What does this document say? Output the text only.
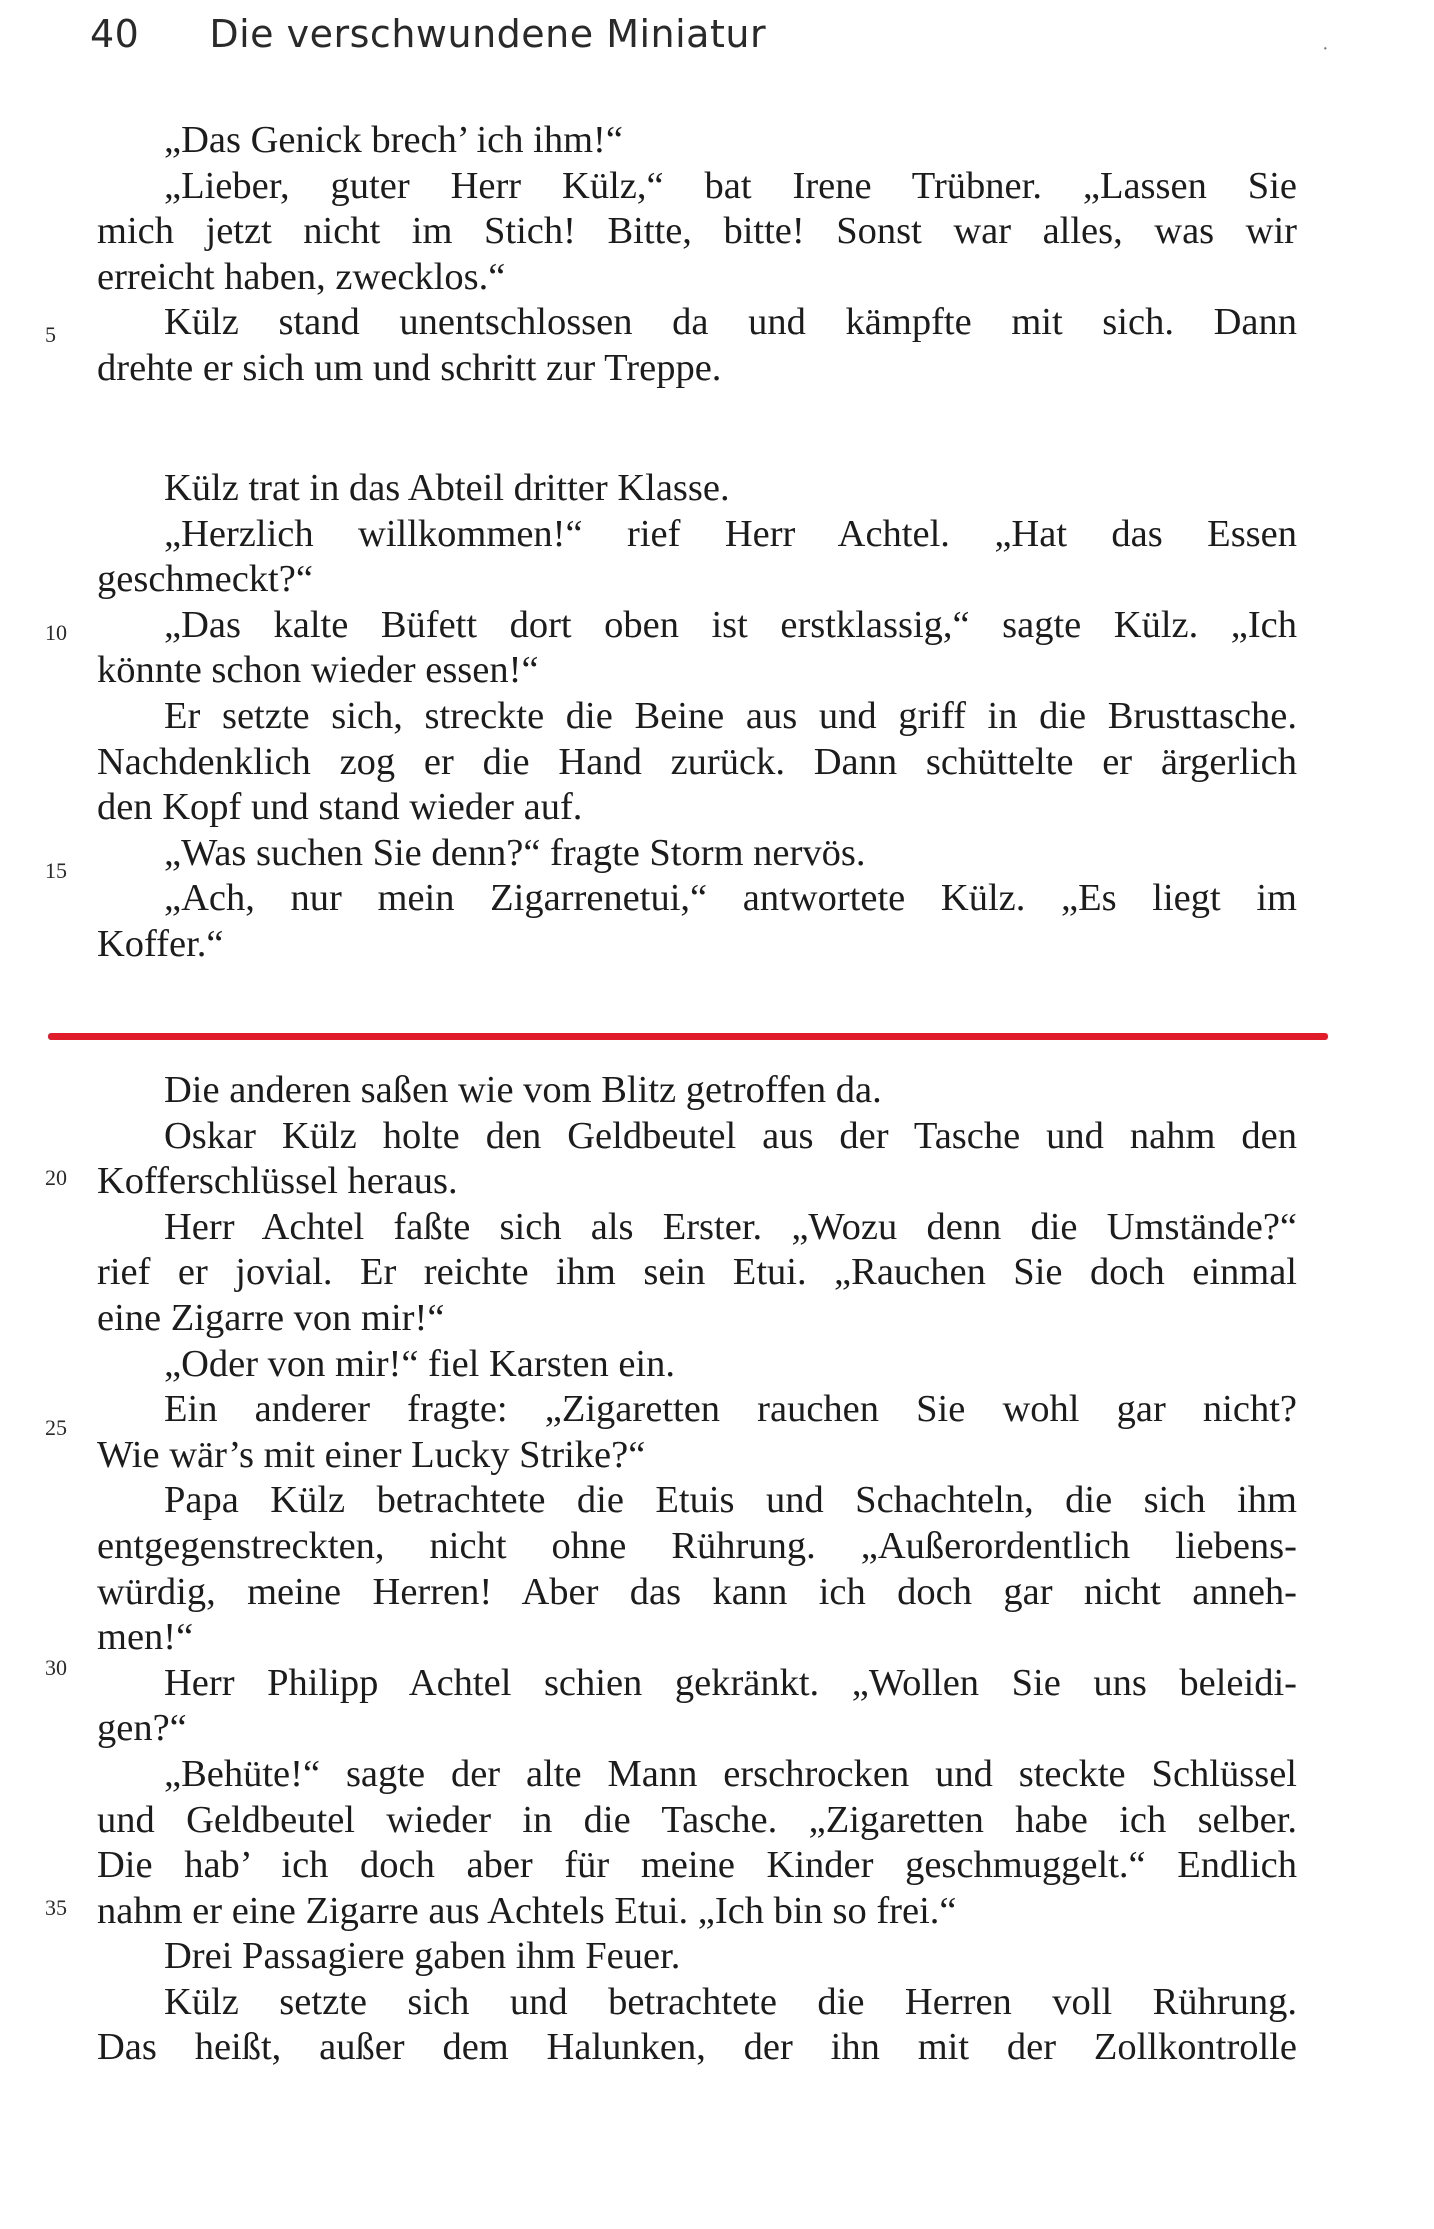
40 Die verschwundene Miniatur	·
„Das Genick brech’ ich ihm!“
„Lieber, guter Herr Külz,“ bat Irene Trübner. „Lassen Sie
mich jetzt nicht im Stich! Bitte, bitte! Sonst war alles, was wir
erreicht haben, zwecklos.“
Külz stand unentschlossen da und kämpfte mit sich. Dann
drehte er sich um und schritt zur Treppe.
Külz trat in das Abteil dritter Klasse.
„Herzlich willkommen!“ rief Herr Achtel. „Hat das Essen
geschmeckt?“
„Das kalte Büfett dort oben ist erstklassig,“ sagte Külz. „Ich
könnte schon wieder essen!“
Er setzte sich, streckte die Beine aus und griff in die Brusttasche.
Nachdenklich zog er die Hand zurück. Dann schüttelte er ärgerlich
den Kopf und stand wieder auf.
„Was suchen Sie denn?“ fragte Storm nervös.
„Ach, nur mein Zigarrenetui,“ antwortete Külz. „Es liegt im
Koffer.“
Die anderen saßen wie vom Blitz getroffen da.
Oskar Külz holte den Geldbeutel aus der Tasche und nahm den
Kofferschlüssel heraus.
Herr Achtel faßte sich als Erster. „Wozu denn die Umstände?“
rief er jovial. Er reichte ihm sein Etui. „Rauchen Sie doch einmal
eine Zigarre von mir!“
„Oder von mir!“ fiel Karsten ein.
Ein anderer fragte: „Zigaretten rauchen Sie wohl gar nicht?
Wie wär’s mit einer Lucky Strike?“
Papa Külz betrachtete die Etuis und Schachteln, die sich ihm
entgegenstreckten, nicht ohne Rührung. „Außerordentlich liebens-
würdig, meine Herren! Aber das kann ich doch gar nicht anneh-
men!“
Herr Philipp Achtel schien gekränkt. „Wollen Sie uns beleidi-
gen?“
„Behüte!“ sagte der alte Mann erschrocken und steckte Schlüssel
und Geldbeutel wieder in die Tasche. „Zigaretten habe ich selber.
Die hab’ ich doch aber für meine Kinder geschmuggelt.“ Endlich
nahm er eine Zigarre aus Achtels Etui. „Ich bin so frei.“
Drei Passagiere gaben ihm Feuer.
Külz setzte sich und betrachtete die Herren voll Rührung.
Das heißt, außer dem Halunken, der ihn mit der Zollkontrolle
5
10
15
20
25
30
35
